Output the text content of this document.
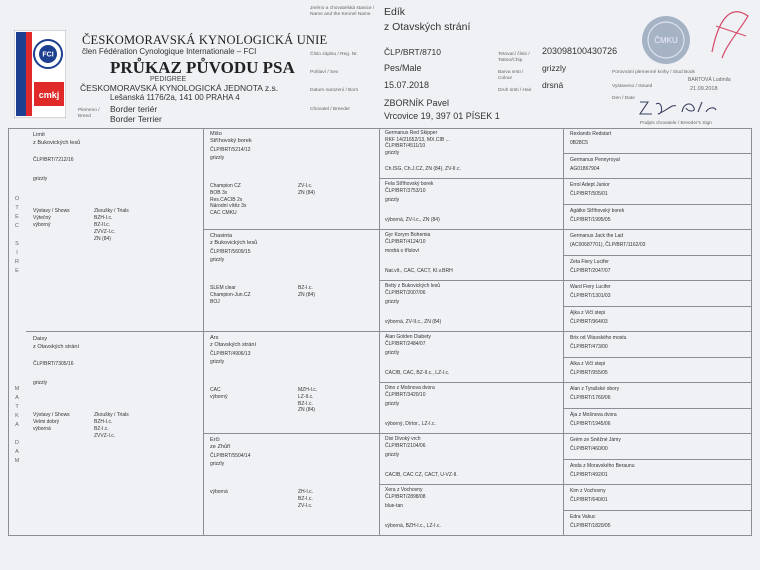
FCI
cmkj
ČESKOMORAVSKÁ KYNOLOGICKÁ UNIE
člen Fédération Cynologique Internationale – FCI
PRŮKAZ PŮVODU PSA
PEDIGREE
ČESKOMORAVSKÁ KYNOLOGICKÁ JEDNOTA z.s.
Lešanská 1176/2a, 141 00 PRAHA 4
Plemeno / Breed
Border teriér
Border Terrier
Jméno a chovatelská stanice / Name and the Kennel Name
Číslo zápisu / Reg. Nr.
Pohlaví / Sex
Datum narození / Born
Chovatel / Breeder
Edík
z Otavských strání
ČLP/BRT/8710
Pes/Male
15.07.2018
ZBORNÍK Pavel
Vrcovice 19, 397 01 PÍSEK 1
Tetovací číslo / Tattoo/Chip
Barva srsti / Colour
Druh srsti / Hair
203098100430726
grizzly
drsná
ČMKU
Porovnání plemenné knihy / Stud Book
BARTOVÁ Ludmila
Vystaveno / Issued	21.09.2018
Den / Date
Podpis chovatele / Breeder's Sign
O
T
E
C
S
I
R
E
M
A
T
K
A
D
A
M
Limit
z Bukovických lesů
ČLP/BRT/7212/16
grizzly
Výstavy / Shows
Výtečný
výborný
Zkoušky / Trials
BZH-I.c.
BZ-II.c.
ZVVZ-I.c.
ZN (84)
Daisy
z Otavských strání
ČLP/BRT/7305/16
grizzly
Výstavy / Shows
Velmi dobrý
výborná
Zkoušky / Trials
BZH-I.c.
BZ-I.c.
ZVVZ-I.c.
Mišo
Stříhovský borek
ČLP/BRT/5214/12
grizzly
Champion CZ
BOB 3x
Res.CACIB 2x
Národní vítěz 3x
CAC CMKU
ZV-I.c.
ZN (84)
Chasinta
z Bukovických lesů
ČLP/BRT/5609/15
grizzly
SLEM clear
Champion-Jun.CZ
BOJ
BZ-I.c.
ZN (84)
Ars
z Otavských strání
ČLP/BRT/4906/13
grizzly
CAC
výborný
MZH-I.c.
LZ-II.c.
BZ-I.c.
ZN (84)
Erči
ze Zhůří
ČLP/BRT/5504/14
grizzly
výborná	ZH-I.c.
BZ-I.c.
ZV-I.c.
Germanus Red Skipper
RKF 14/21652/13, MX.CIB ...
ČLP/BRT/4511/10
grizzly
Ch.ISG, Ch.J.CZ, ZN (84), ZV-II.c.
Fela Stříhovský borek
ČLP/BRT/3753/10
grizzly
výborná, ZV-I.c., ZN (84)
Gyr Koryrn Bohemia
ČLP/BRT/4124/10
modrá s třísloví
Nat.vít., CAC, CACT, Kl.v.BRH
Betty z Bukovických lesů
ČLP/BRT/2007/06
grizzly
výborná, ZV-II.c., ZN (84)
Alan Golden Diabety
ČLP/BRT/2484/07
grizzly
CACIB, CAC, BZ-II.c., LZ-I.c.
Dino z Mošnova dvora
ČLP/BRT/3420/10
grizzly
výborný, Dírtor., LZ-I.c.
Dixi Divoký vrch
ČLP/BRT/2104/06
grizzly
CACIB, CAC CZ, CACT, U-VZ-II.
Xera z Vochovny
ČLP/BRT/2898/08
blue-tan
výborná, BZH-I.c., LZ-I.c.
Rexlands Redstart
0B28C5
Germanus Pennyroyal
AG01867904
Errol Adept Junior
ČLP/BRT/505/01
Agátko Stříhovský borek
ČLP/BRT/1995/05
Germanus Jack the Lad
(AC00687701), ČLP/BRT/1162/03
Zeta Fiery Lucifer
ČLP/BRT/2047/07
Ward Fiery Lucifer
ČLP/BRT/1301/03
Ajka z Vičí stepi
ČLP/BRT/964/03
Brix od Vltavského mostu
ČLP/BRT/473/00
Alka z Vičí stepi
ČLP/BRT/955/05
Alan z Tyrašské obory
ČLP/BRT/1760/06
Ája z Mošnova dvora
ČLP/BRT/1945/06
Grém ze Sněžné Jámy
ČLP/BRT/460/00
Anda z Moravského Beraunu
ČLP/BRT/492/01
Kim z Vochovny
ČLP/BRT/640/01
Edra Vakuc
ČLP/BRT/1820/05
